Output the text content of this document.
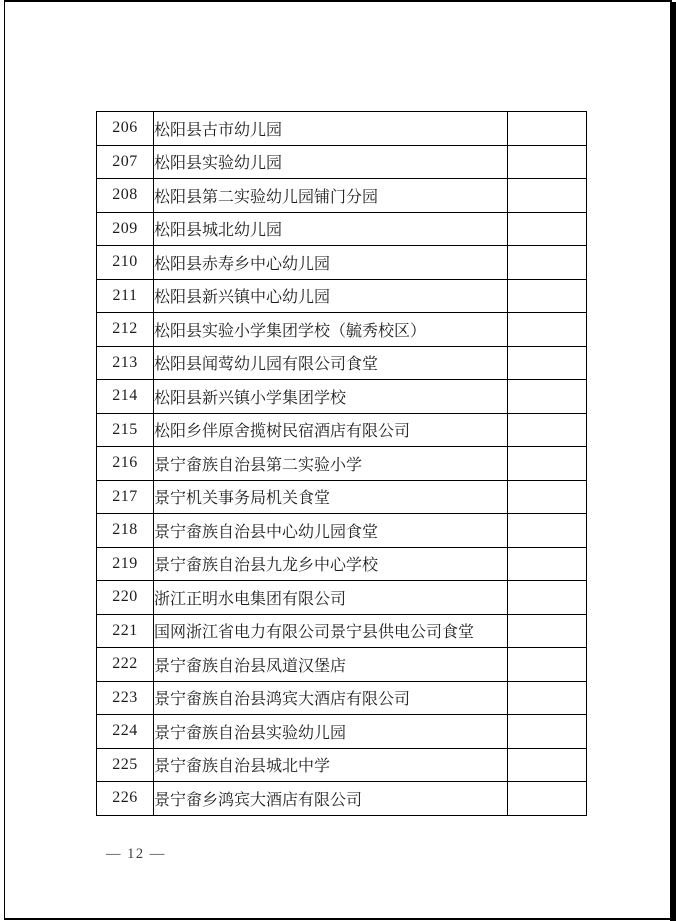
206	松阳县古市幼儿园	
207	松阳县实验幼儿园	
208	松阳县第二实验幼儿园铺门分园	
209	松阳县城北幼儿园	
210	松阳县赤寿乡中心幼儿园	
211	松阳县新兴镇中心幼儿园	
212	松阳县实验小学集团学校（毓秀校区）	
213	松阳县闻莺幼儿园有限公司食堂	
214	松阳县新兴镇小学集团学校	
215	松阳乡伴原舍揽树民宿酒店有限公司	
216	景宁畲族自治县第二实验小学	
217	景宁机关事务局机关食堂	
218	景宁畲族自治县中心幼儿园食堂	
219	景宁畲族自治县九龙乡中心学校	
220	浙江正明水电集团有限公司	
221	国网浙江省电力有限公司景宁县供电公司食堂	
222	景宁畲族自治县凤道汉堡店	
223	景宁畲族自治县鸿宾大酒店有限公司	
224	景宁畲族自治县实验幼儿园	
225	景宁畲族自治县城北中学	
226	景宁畲乡鸿宾大酒店有限公司	
— 12 —
